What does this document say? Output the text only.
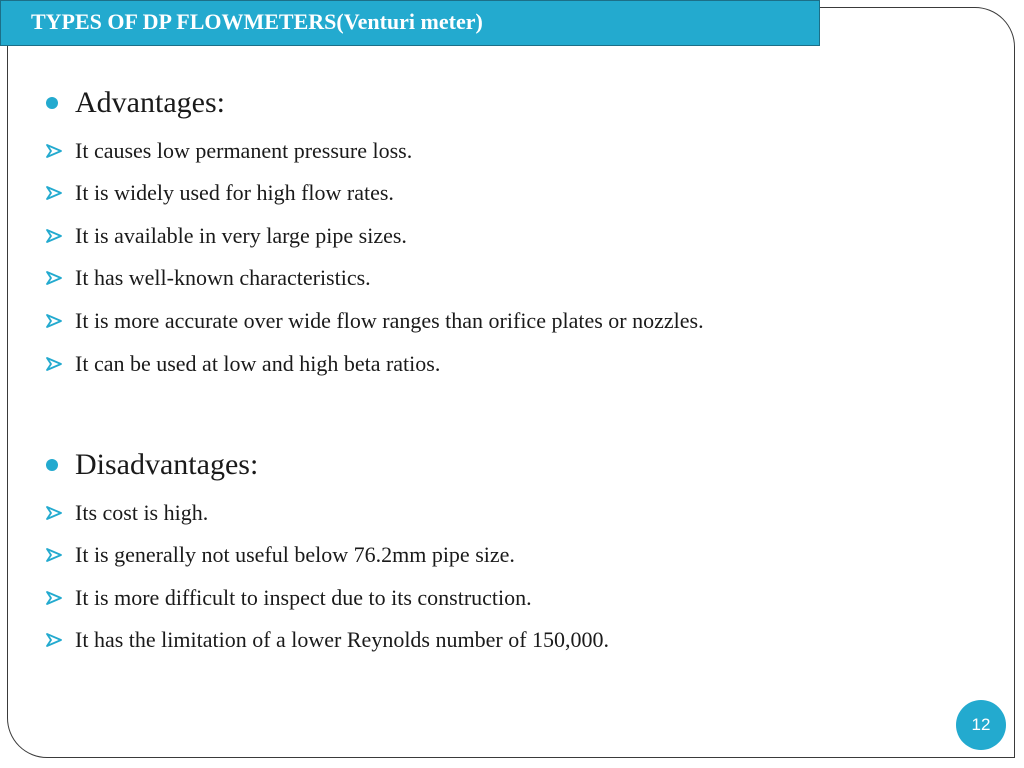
TYPES OF DP FLOWMETERS(Venturi meter)
Advantages:
It causes low permanent pressure loss.
It is widely used for high flow rates.
It is available in very large pipe sizes.
It has well-known characteristics.
It is more accurate over wide flow ranges than orifice plates or nozzles.
It can be used at low and high beta ratios.
Disadvantages:
Its cost is high.
It is generally not useful below 76.2mm pipe size.
It is more difficult to inspect due to its construction.
It has the limitation of a lower Reynolds number of 150,000.
12
